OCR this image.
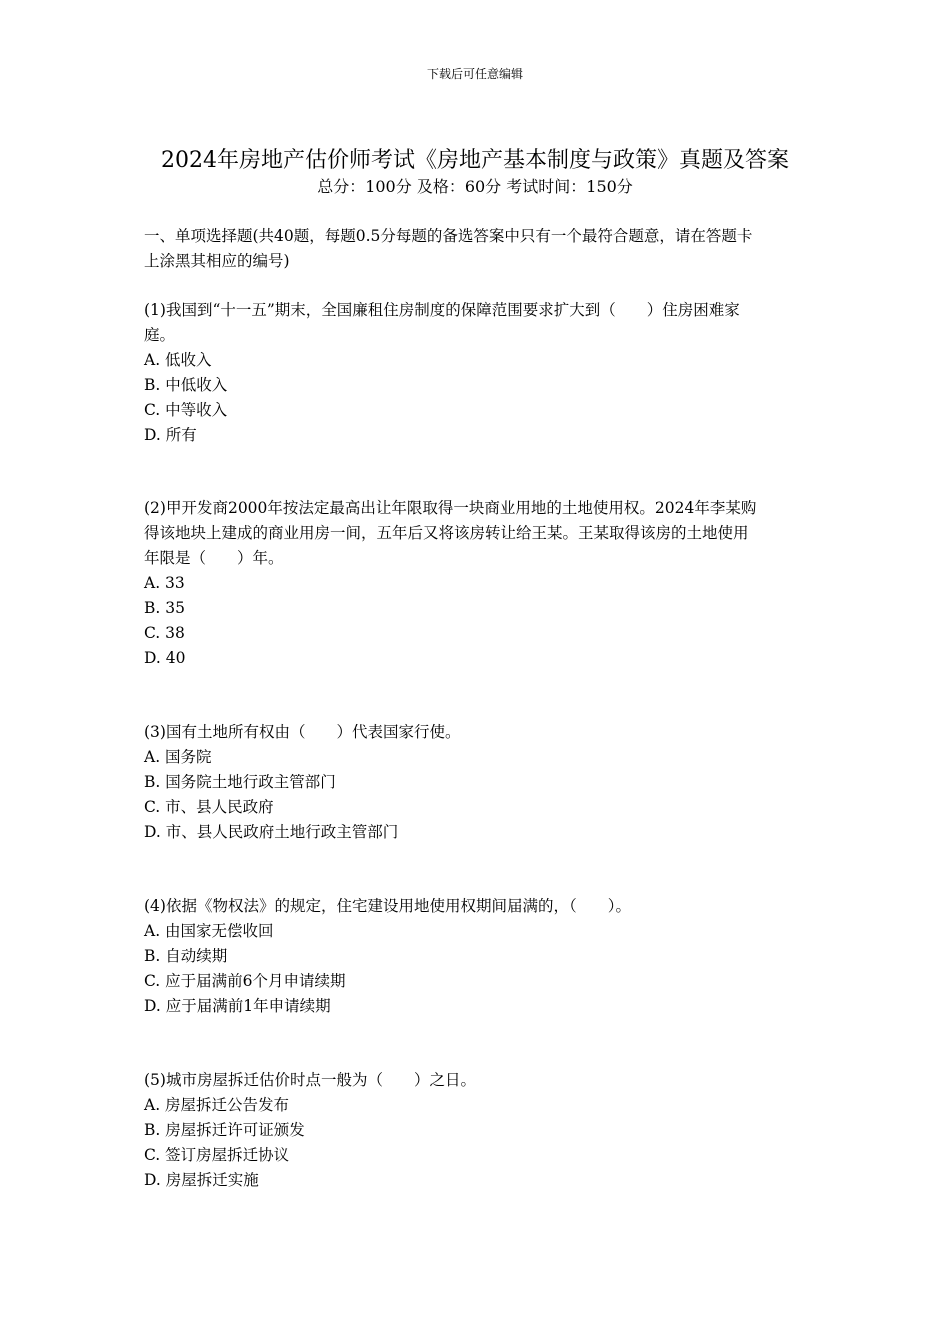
下载后可任意编辑
2024年房地产估价师考试《房地产基本制度与政策》真题及答案
总分：100分 及格：60分 考试时间：150分
一、单项选择题(共40题，每题0.5分每题的备选答案中只有一个最符合题意，请在答题卡
上涂黑其相应的编号)
(1)我国到“十一五”期末，全国廉租住房制度的保障范围要求扩大到（　　）住房困难家
庭。
A. 低收入
B. 中低收入
C. 中等收入
D. 所有
(2)甲开发商2000年按法定最高出让年限取得一块商业用地的土地使用权。2024年李某购
得该地块上建成的商业用房一间，五年后又将该房转让给王某。王某取得该房的土地使用
年限是（　　）年。
A. 33
B. 35
C. 38
D. 40
(3)国有土地所有权由（　　）代表国家行使。
A. 国务院
B. 国务院土地行政主管部门
C. 市、县人民政府
D. 市、县人民政府土地行政主管部门
(4)依据《物权法》的规定，住宅建设用地使用权期间届满的，（　　）。
A. 由国家无偿收回
B. 自动续期
C. 应于届满前6个月申请续期
D. 应于届满前1年申请续期
(5)城市房屋拆迁估价时点一般为（　　）之日。
A. 房屋拆迁公告发布
B. 房屋拆迁许可证颁发
C. 签订房屋拆迁协议
D. 房屋拆迁实施
